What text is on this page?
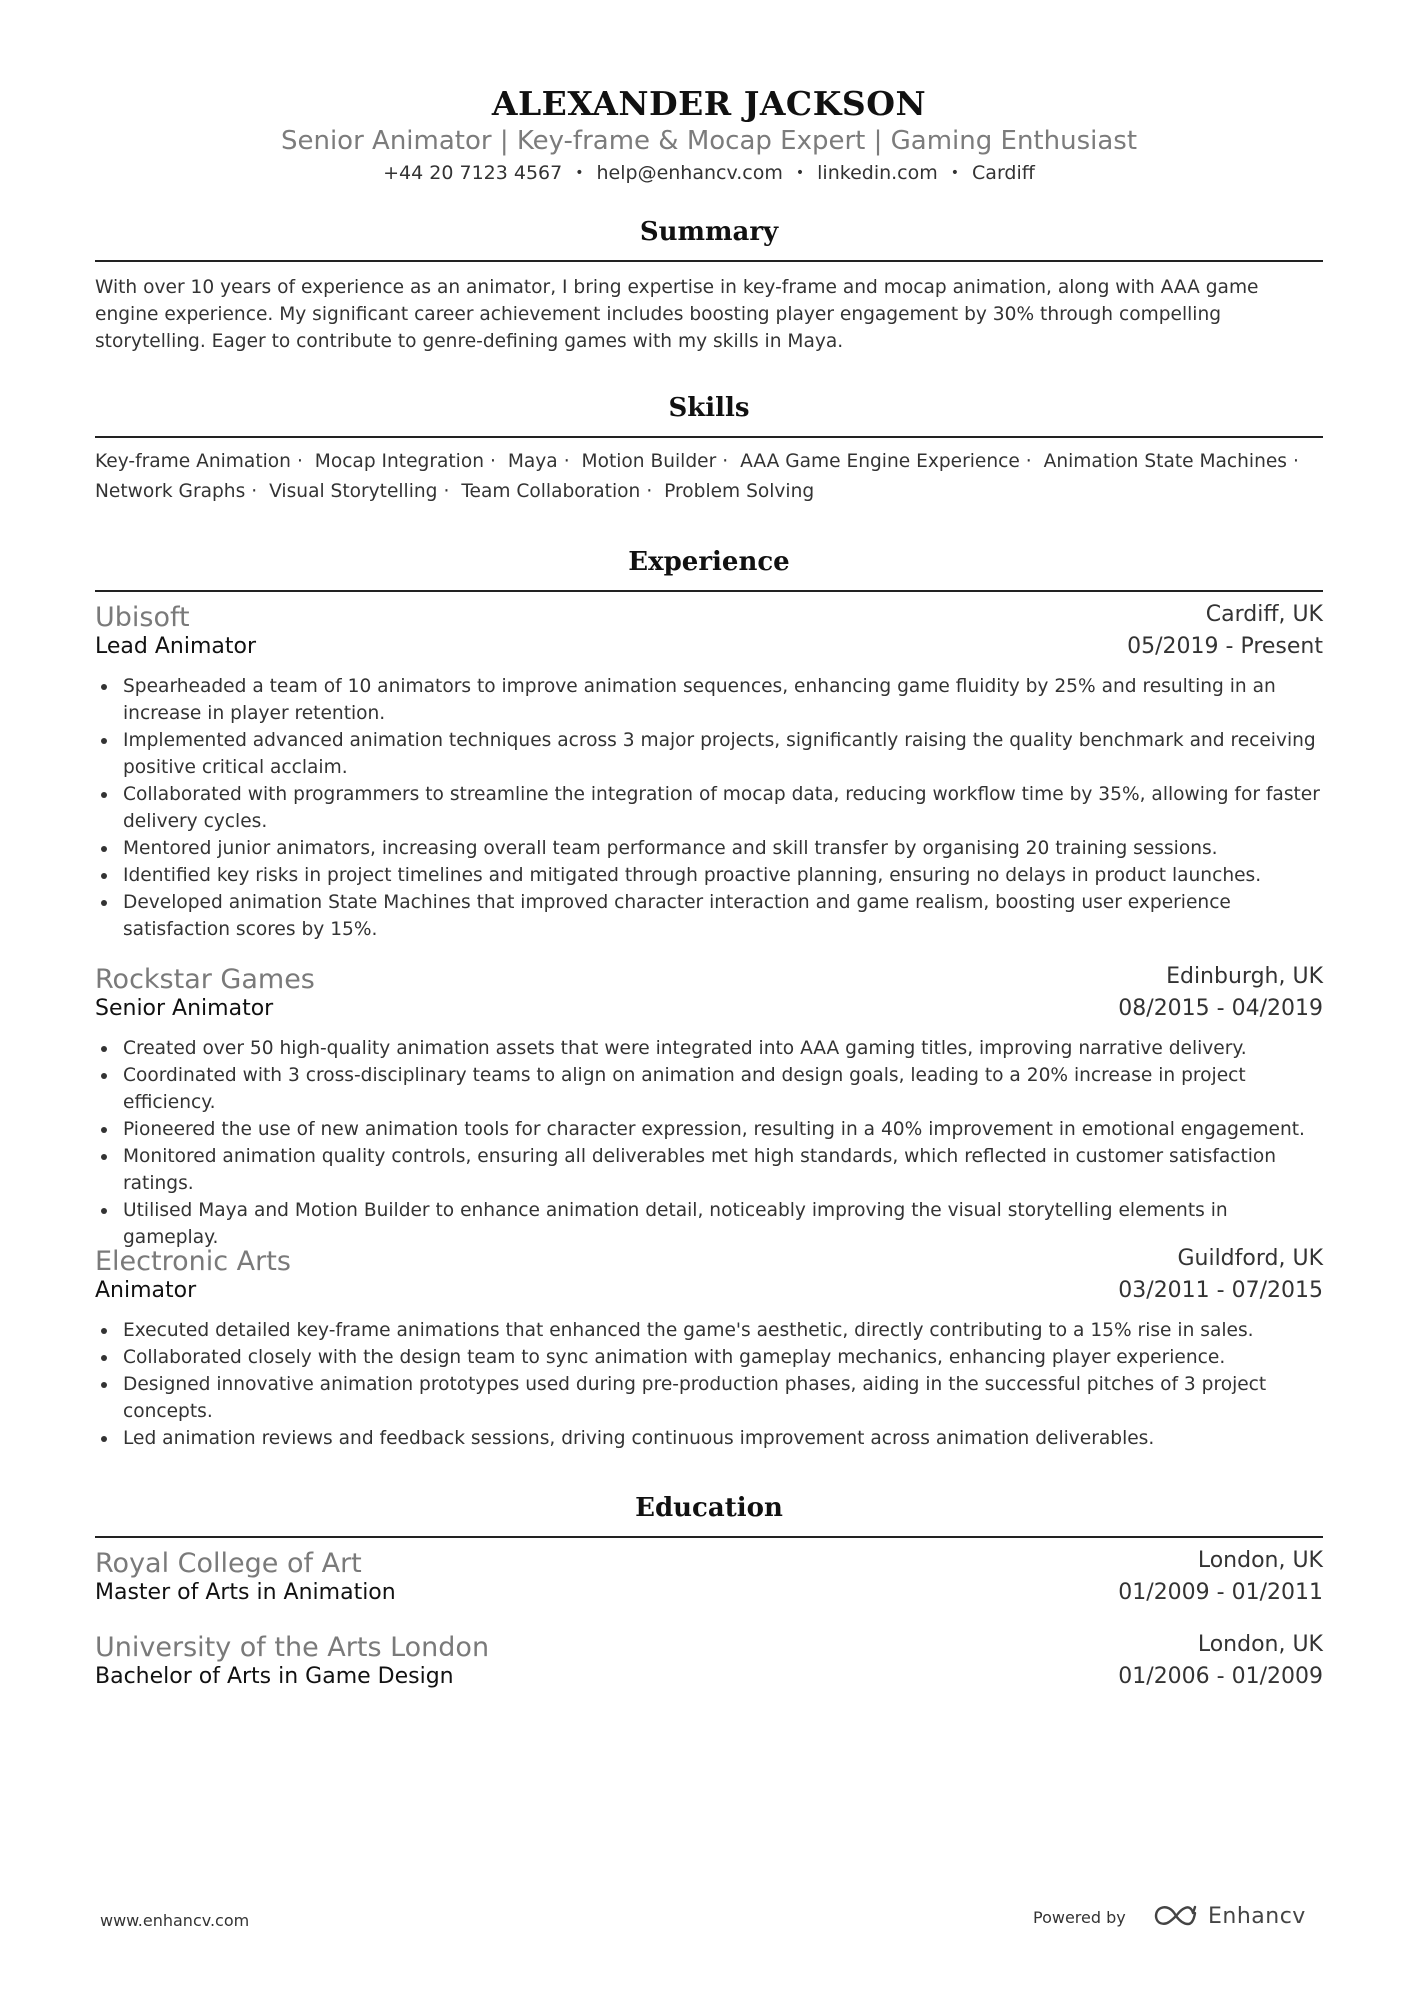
ALEXANDER JACKSON
Senior Animator | Key-frame & Mocap Expert | Gaming Enthusiast
+44 20 7123 4567 • help@enhancv.com • linkedin.com • Cardiff
Summary
With over 10 years of experience as an animator, I bring expertise in key-frame and mocap animation, along with AAA game engine experience. My significant career achievement includes boosting player engagement by 30% through compelling storytelling. Eager to contribute to genre-defining games with my skills in Maya.
Skills
Key-frame Animation · Mocap Integration · Maya · Motion Builder · AAA Game Engine Experience · Animation State Machines · Network Graphs · Visual Storytelling · Team Collaboration · Problem Solving
Experience
Ubisoft	Cardiff, UK
Lead Animator	05/2019 - Present
Spearheaded a team of 10 animators to improve animation sequences, enhancing game fluidity by 25% and resulting in an increase in player retention.
Implemented advanced animation techniques across 3 major projects, significantly raising the quality benchmark and receiving positive critical acclaim.
Collaborated with programmers to streamline the integration of mocap data, reducing workflow time by 35%, allowing for faster delivery cycles.
Mentored junior animators, increasing overall team performance and skill transfer by organising 20 training sessions.
Identified key risks in project timelines and mitigated through proactive planning, ensuring no delays in product launches.
Developed animation State Machines that improved character interaction and game realism, boosting user experience satisfaction scores by 15%.
Rockstar Games	Edinburgh, UK
Senior Animator	08/2015 - 04/2019
Created over 50 high-quality animation assets that were integrated into AAA gaming titles, improving narrative delivery.
Coordinated with 3 cross-disciplinary teams to align on animation and design goals, leading to a 20% increase in project efficiency.
Pioneered the use of new animation tools for character expression, resulting in a 40% improvement in emotional engagement.
Monitored animation quality controls, ensuring all deliverables met high standards, which reflected in customer satisfaction ratings.
Utilised Maya and Motion Builder to enhance animation detail, noticeably improving the visual storytelling elements in gameplay.
Electronic Arts	Guildford, UK
Animator	03/2011 - 07/2015
Executed detailed key-frame animations that enhanced the game's aesthetic, directly contributing to a 15% rise in sales.
Collaborated closely with the design team to sync animation with gameplay mechanics, enhancing player experience.
Designed innovative animation prototypes used during pre-production phases, aiding in the successful pitches of 3 project concepts.
Led animation reviews and feedback sessions, driving continuous improvement across animation deliverables.
Education
Royal College of Art	London, UK
Master of Arts in Animation	01/2009 - 01/2011
University of the Arts London	London, UK
Bachelor of Arts in Game Design	01/2006 - 01/2009
www.enhancv.com	Powered by	Enhancv
